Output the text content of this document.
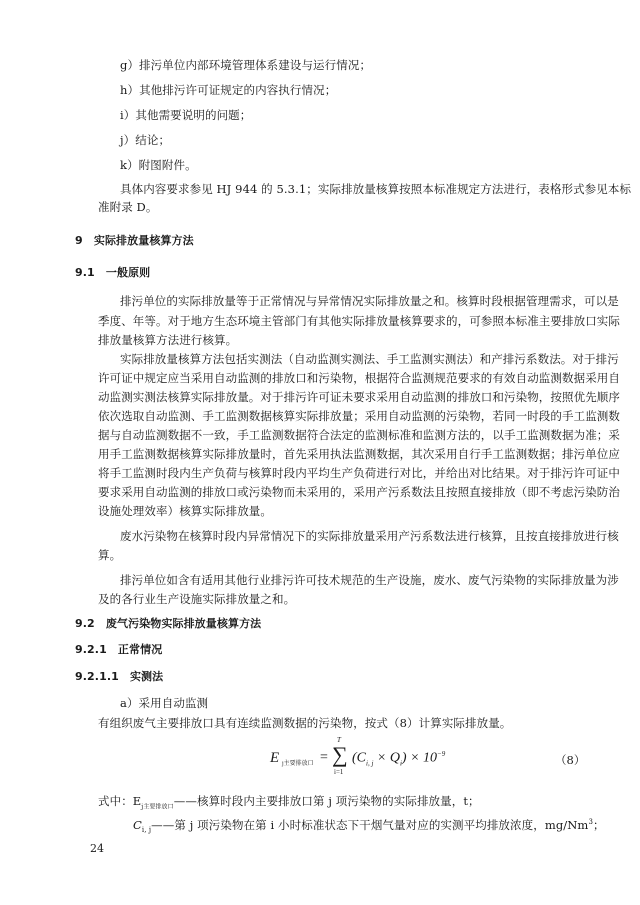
g）排污单位内部环境管理体系建设与运行情况；
h）其他排污许可证规定的内容执行情况；
i）其他需要说明的问题；
j）结论；
k）附图附件。
具体内容要求参见 HJ 944 的 5.3.1；实际排放量核算按照本标准规定方法进行，表格形式参见本标
准附录 D。
9　实际排放量核算方法
9.1　一般原则
排污单位的实际排放量等于正常情况与异常情况实际排放量之和。核算时段根据管理需求，可以是
季度、年等。对于地方生态环境主管部门有其他实际排放量核算要求的，可参照本标准主要排放口实际
排放量核算方法进行核算。
实际排放量核算方法包括实测法（自动监测实测法、手工监测实测法）和产排污系数法。对于排污
许可证中规定应当采用自动监测的排放口和污染物，根据符合监测规范要求的有效自动监测数据采用自
动监测实测法核算实际排放量。对于排污许可证未要求采用自动监测的排放口和污染物，按照优先顺序
依次选取自动监测、手工监测数据核算实际排放量；采用自动监测的污染物，若同一时段的手工监测数
据与自动监测数据不一致，手工监测数据符合法定的监测标准和监测方法的，以手工监测数据为准；采
用手工监测数据核算实际排放量时，首先采用执法监测数据，其次采用自行手工监测数据；排污单位应
将手工监测时段内生产负荷与核算时段内平均生产负荷进行对比，并给出对比结果。对于排污许可证中
要求采用自动监测的排放口或污染物而未采用的，采用产污系数法且按照直接排放（即不考虑污染防治
设施处理效率）核算实际排放量。
废水污染物在核算时段内异常情况下的实际排放量采用产污系数法进行核算，且按直接排放进行核
算。
排污单位如含有适用其他行业排污许可技术规范的生产设施，废水、废气污染物的实际排放量为涉
及的各行业生产设施实际排放量之和。
9.2　废气污染物实际排放量核算方法
9.2.1　正常情况
9.2.1.1　实测法
a）采用自动监测
有组织废气主要排放口具有连续监测数据的污染物，按式（8）计算实际排放量。
E j主要排放口 =
T
∑
i=1
$(C_{i, j} \times Q_i) \times 10^{-9}$	（8）
式中：$E_{j主要排放口}——$核算时段内主要排放口第 j 项污染物的实际排放量，t；
$C_{i, j}——$第 j 项污染物在第 i 小时标准状态下干烟气量对应的实测平均排放浓度，mg/Nm$^3$；
24
